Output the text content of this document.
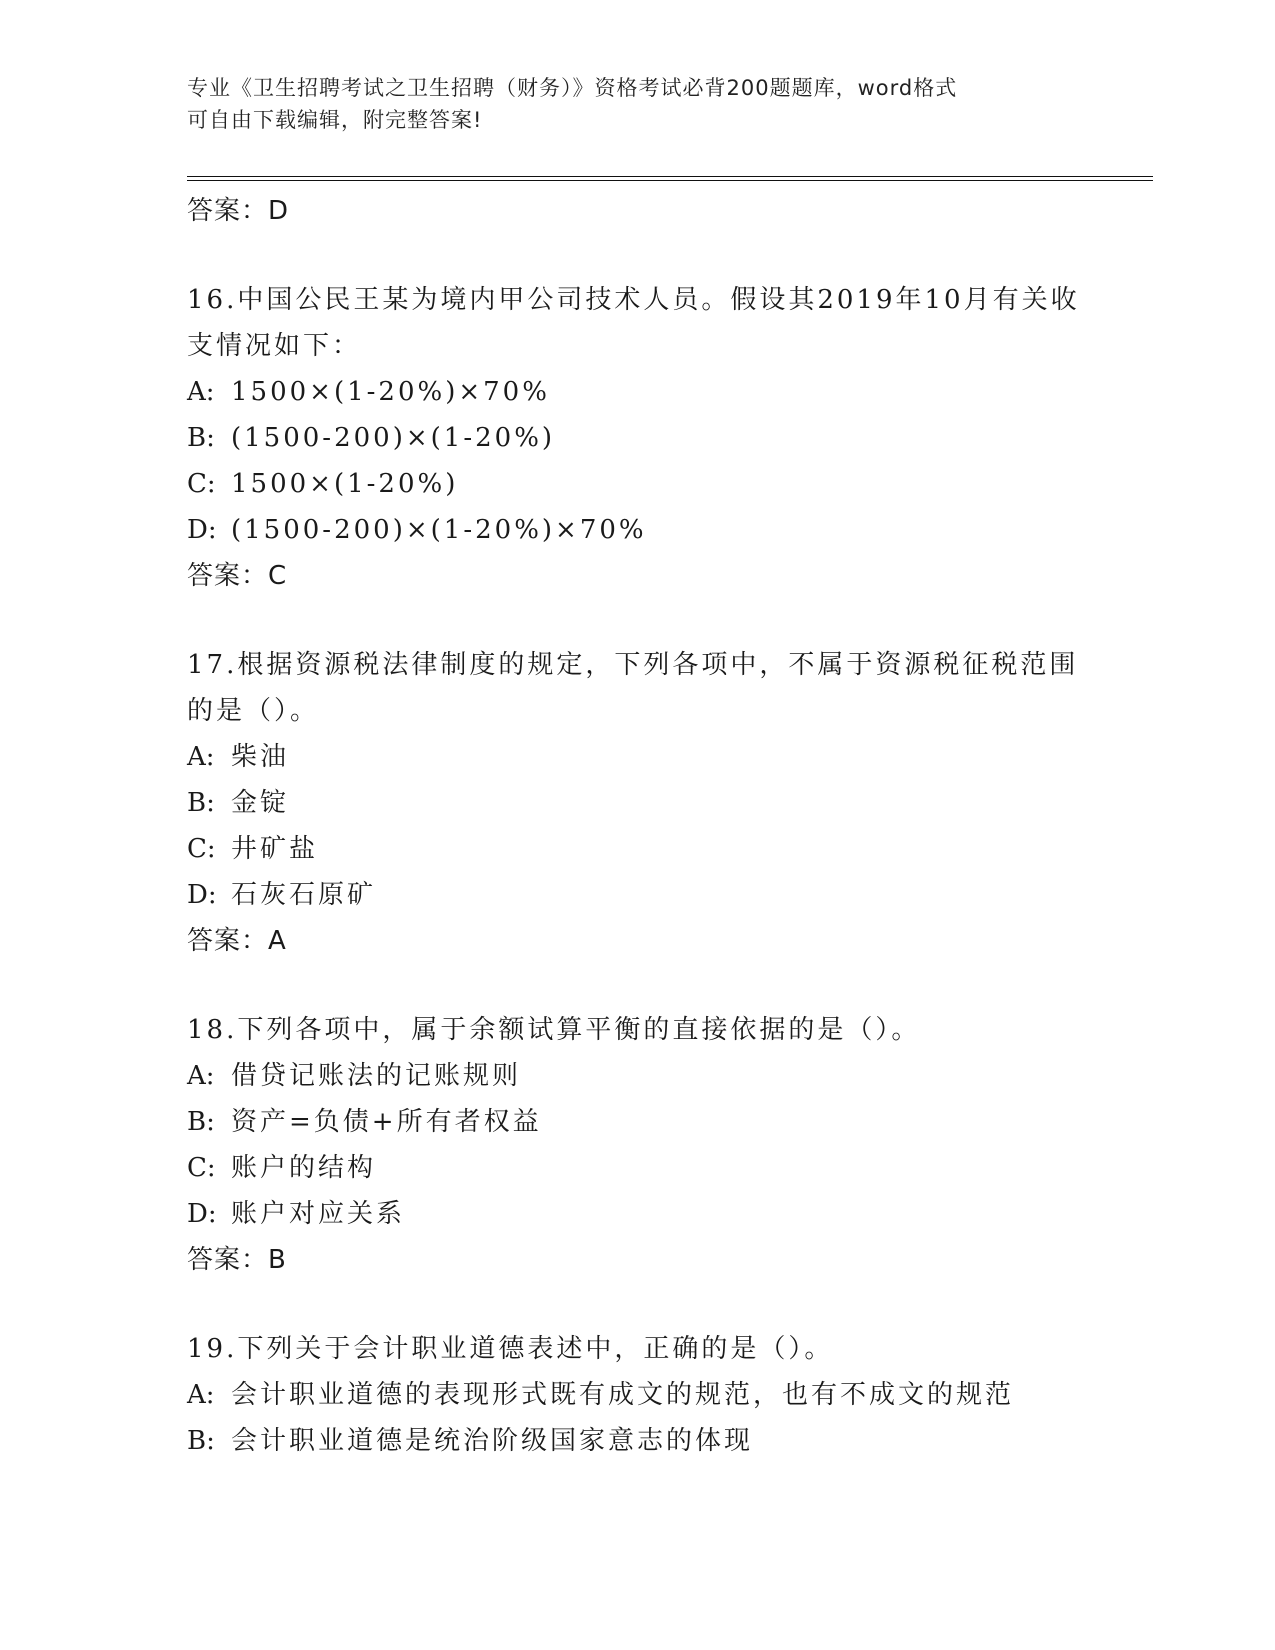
专业《卫生招聘考试之卫生招聘（财务）》资格考试必背200题题库，word格式
可自由下载编辑，附完整答案!
答案：D
16.中国公民王某为境内甲公司技术人员。假设其2019年10月有关收
支情况如下：
A: 1500×(1-20%)×70%
B: (1500-200)×(1-20%)
C: 1500×(1-20%)
D: (1500-200)×(1-20%)×70%
答案：C
17.根据资源税法律制度的规定，下列各项中，不属于资源税征税范围
的是（）。
A: 柴油
B: 金锭
C: 井矿盐
D: 石灰石原矿
答案：A
18.下列各项中，属于余额试算平衡的直接依据的是（）。
A: 借贷记账法的记账规则
B: 资产=负债+所有者权益
C: 账户的结构
D: 账户对应关系
答案：B
19.下列关于会计职业道德表述中，正确的是（）。
A: 会计职业道德的表现形式既有成文的规范，也有不成文的规范
B: 会计职业道德是统治阶级国家意志的体现
